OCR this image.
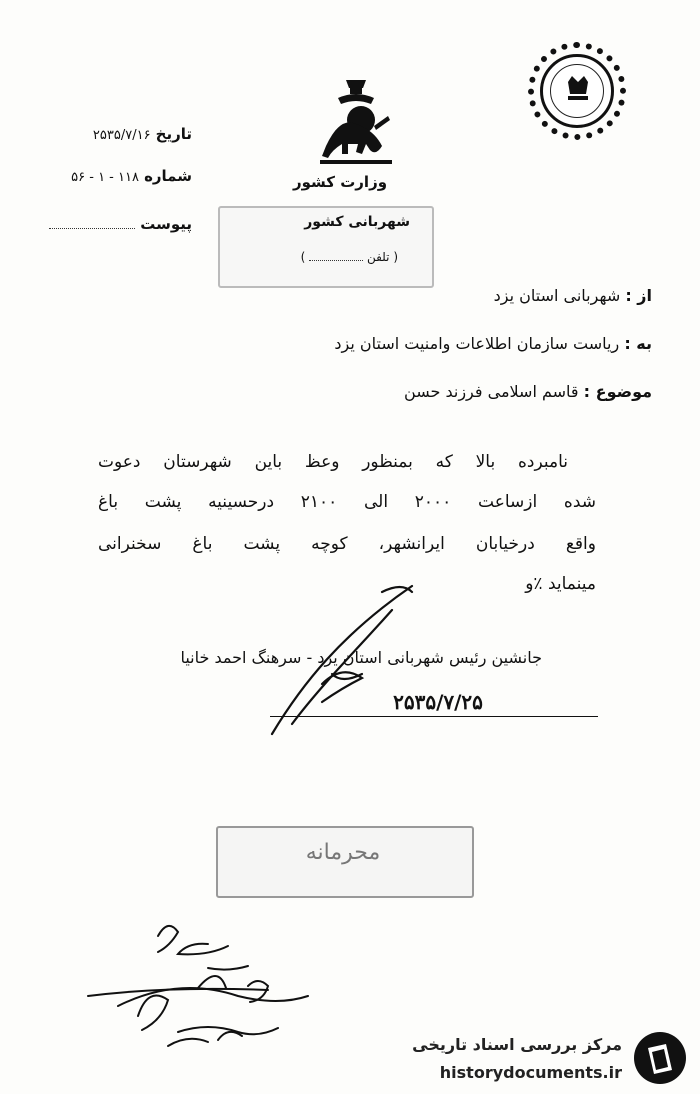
تاریخ ۲۵۳۵/۷/۱۶
شماره ۱۱۸ - ۱ - ۵۶
پیوست
وزارت کشور
شهربانی کشور
( تلفن  )
از : شهربانی استان یزد
به : ریاست سازمان اطلاعات وامنیت استان یزد
موضوع : قاسم اسلامی فرزند حسن
نامبرده بالا که بمنظور وعظ باین شهرستان دعوت
شده ازساعت ۲۰۰۰ الی ۲۱۰۰ درحسینیه پشت باغ
واقع درخیابان ایرانشهر، کوچه پشت باغ سخنرانی
مینماید ٪و
جانشین رئیس شهربانی استان یزد - سرهنگ احمد خانیا
۲۵۳۵/۷/۲۵
محرمانه
مرکز بررسی اسناد تاریخی
historydocuments.ir
